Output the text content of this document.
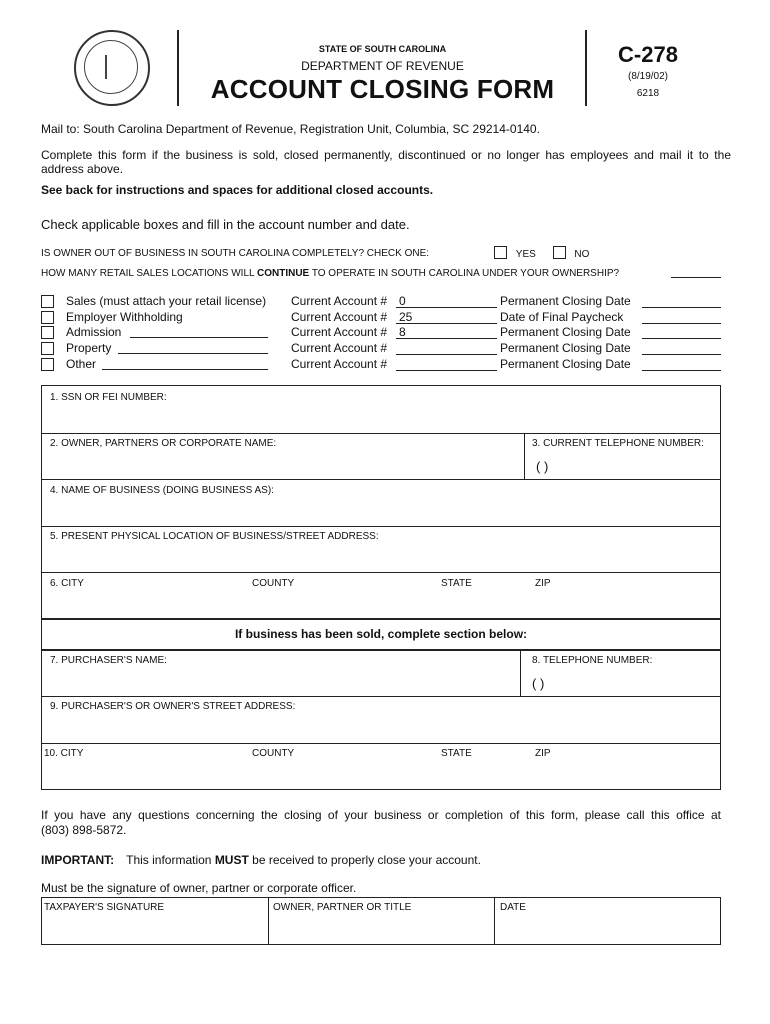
STATE OF SOUTH CAROLINA
DEPARTMENT OF REVENUE
ACCOUNT CLOSING FORM
C-278
(8/19/02)
6218
Mail to: South Carolina Department of Revenue, Registration Unit, Columbia, SC 29214-0140.
Complete this form if the business is sold, closed permanently, discontinued or no longer has employees and mail it to the
address above.
See back for instructions and spaces for additional closed accounts.
Check applicable boxes and fill in the account number and date.
IS OWNER OUT OF BUSINESS IN SOUTH CAROLINA COMPLETELY? CHECK ONE:	YES	NO
HOW MANY RETAIL SALES LOCATIONS WILL CONTINUE TO OPERATE IN SOUTH CAROLINA UNDER YOUR OWNERSHIP?
Sales (must attach your retail license) Current Account # 0	Permanent Closing Date
Employer Withholding	Current Account # 25	Date of Final Paycheck
Admission	Current Account # 8	Permanent Closing Date
Property	Current Account #	Permanent Closing Date
Other	Current Account #	Permanent Closing Date
1. SSN OR FEI NUMBER:
2. OWNER, PARTNERS OR CORPORATE NAME:	3. CURRENT TELEPHONE NUMBER:
( )
4. NAME OF BUSINESS (DOING BUSINESS AS):
5. PRESENT PHYSICAL LOCATION OF BUSINESS/STREET ADDRESS:
6. CITY	COUNTY	STATE	ZIP
If business has been sold, complete section below:
7. PURCHASER'S NAME:	8. TELEPHONE NUMBER:
( )
9. PURCHASER'S OR OWNER'S STREET ADDRESS:
10. CITY	COUNTY	STATE	ZIP
If you have any questions concerning the closing of your business or completion of this form, please call this office at
(803) 898-5872.
IMPORTANT: This information MUST be received to properly close your account.
Must be the signature of owner, partner or corporate officer.
TAXPAYER'S SIGNATURE	OWNER, PARTNER OR TITLE	DATE
